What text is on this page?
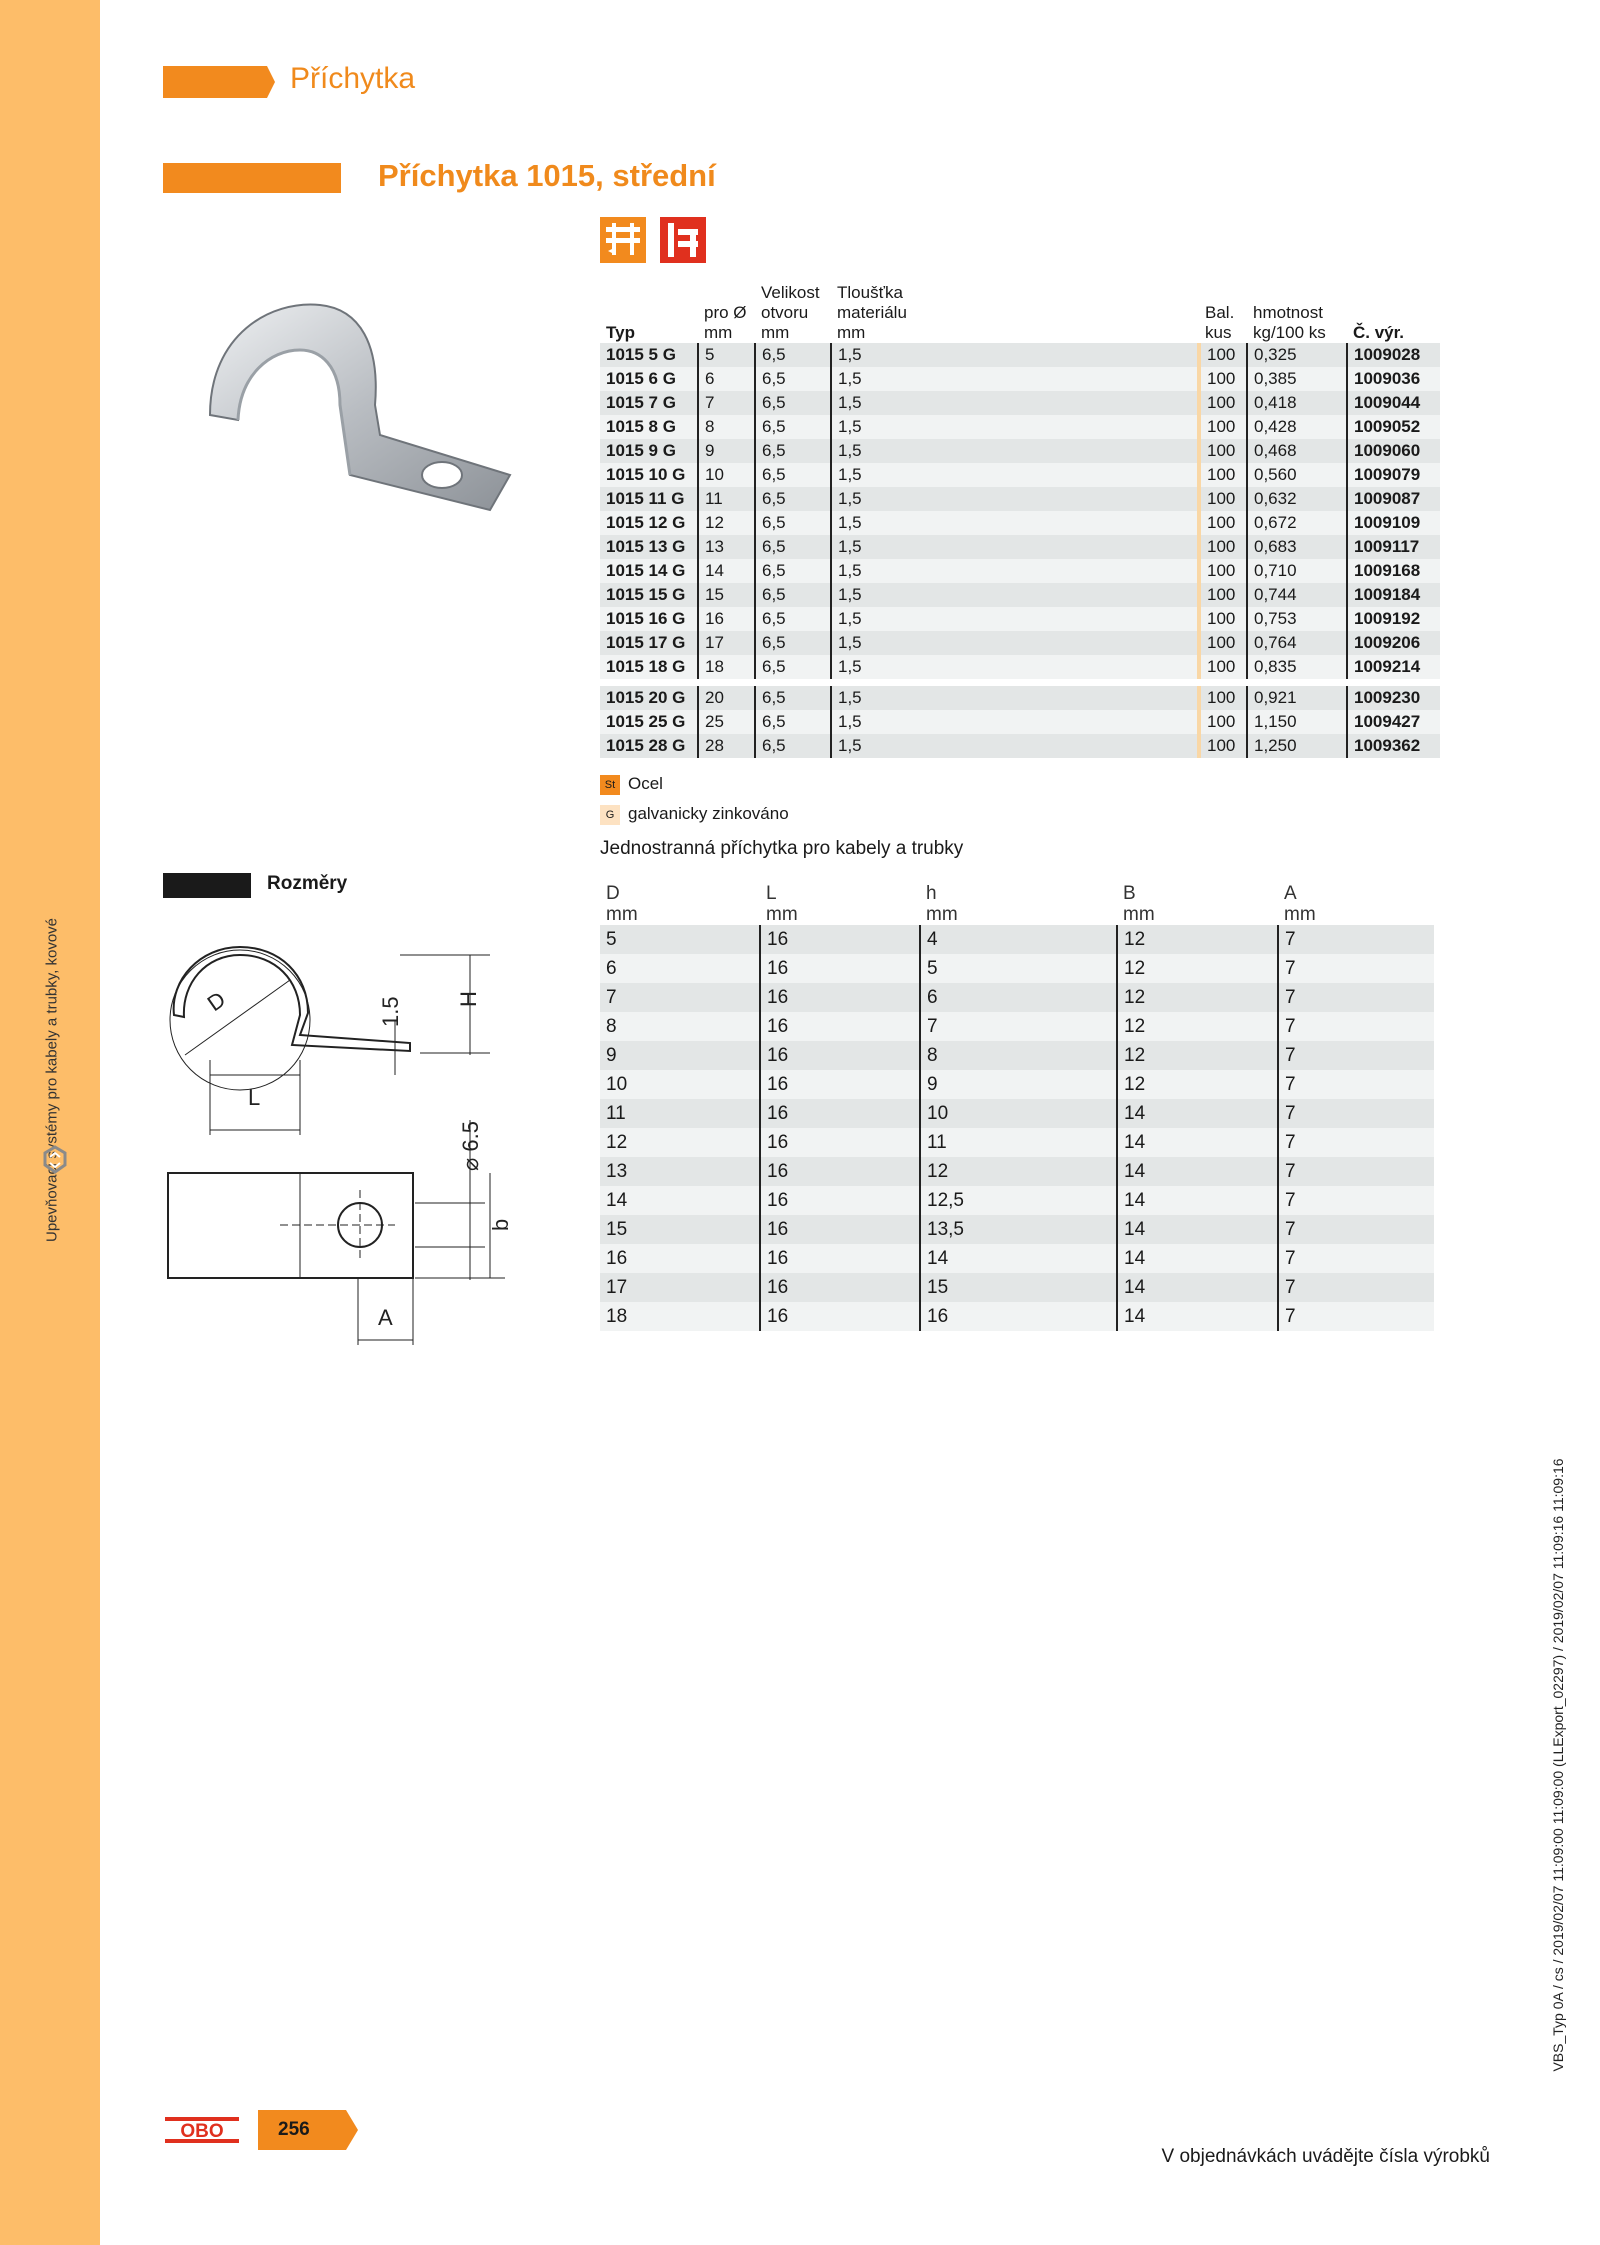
Upevňovací systémy pro kabely a trubky, kovové
Příchytka
Příchytka 1015, střední
		Velikost	Tloušťka			
	pro Ø	otvoru	materiálu	Bal.	hmotnost	
Typ	mm	mm	mm	kus	kg/100 ks	Č. výr.
1015 5 G	5	6,5	1,5	100	0,325	1009028
1015 6 G	6	6,5	1,5	100	0,385	1009036
1015 7 G	7	6,5	1,5	100	0,418	1009044
1015 8 G	8	6,5	1,5	100	0,428	1009052
1015 9 G	9	6,5	1,5	100	0,468	1009060
1015 10 G	10	6,5	1,5	100	0,560	1009079
1015 11 G	11	6,5	1,5	100	0,632	1009087
1015 12 G	12	6,5	1,5	100	0,672	1009109
1015 13 G	13	6,5	1,5	100	0,683	1009117
1015 14 G	14	6,5	1,5	100	0,710	1009168
1015 15 G	15	6,5	1,5	100	0,744	1009184
1015 16 G	16	6,5	1,5	100	0,753	1009192
1015 17 G	17	6,5	1,5	100	0,764	1009206
1015 18 G	18	6,5	1,5	100	0,835	1009214

1015 20 G	20	6,5	1,5	100	0,921	1009230
1015 25 G	25	6,5	1,5	100	1,150	1009427
1015 28 G	28	6,5	1,5	100	1,250	1009362
St Ocel
G galvanicky zinkováno
Jednostranná příchytka pro kabely a trubky
Rozměry
D	H
1.5
L
⌀ 6.5
b
A
D	L	h	B	A
mm	mm	mm	mm	mm
5	16	4	12	7
6	16	5	12	7
7	16	6	12	7
8	16	7	12	7
9	16	8	12	7
10	16	9	12	7
11	16	10	14	7
12	16	11	14	7
13	16	12	14	7
14	16	12,5	14	7
15	16	13,5	14	7
16	16	14	14	7
17	16	15	14	7
18	16	16	14	7
VBS_Typ 0A / cs / 2019/02/07 11:09:00 11:09:00 (LLExport_02297) / 2019/02/07 11:09:16 11:09:16
OBO	256
V objednávkách uvádějte čísla výrobků
